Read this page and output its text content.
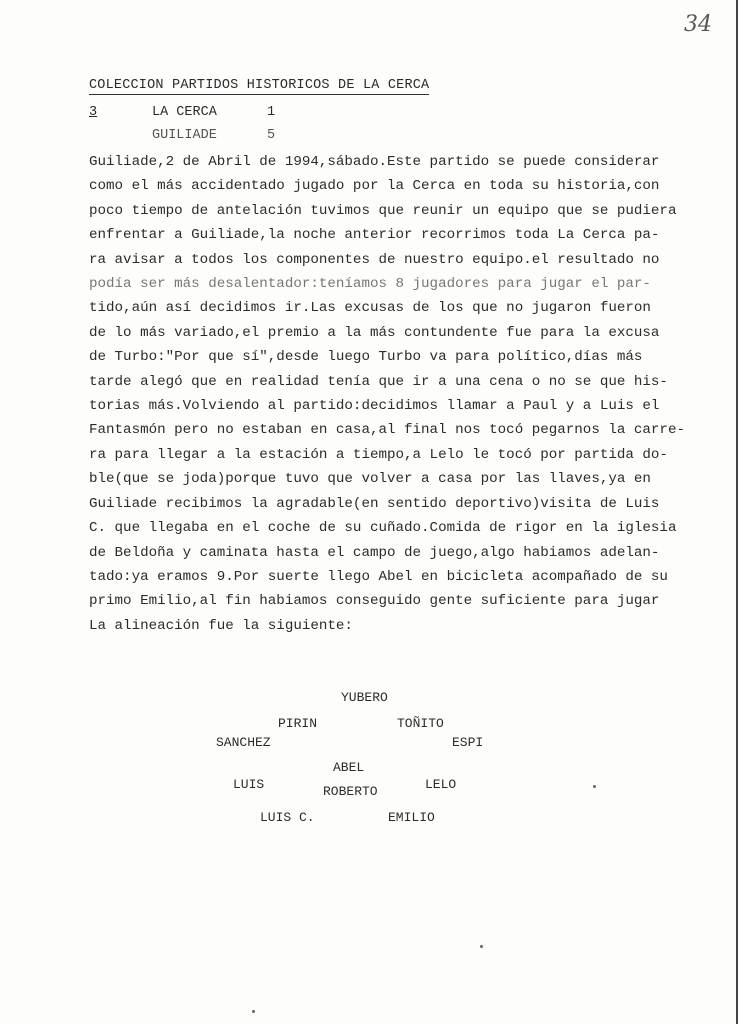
34
COLECCION PARTIDOS HISTORICOS DE LA CERCA
3	LA CERCA	1
GUILIADE	5
Guiliade,2 de Abril de 1994,sábado.Este partido se puede considerar
como el más accidentado jugado por la Cerca en toda su historia,con
poco tiempo de antelación tuvimos que reunir un equipo que se pudiera
enfrentar a Guiliade,la noche anterior recorrimos toda La Cerca pa-
ra avisar a todos los componentes de nuestro equipo.el resultado no
podía ser más desalentador:teníamos 8 jugadores para jugar el par-
tido,aún así decidimos ir.Las excusas de los que no jugaron fueron
de lo más variado,el premio a la más contundente fue para la excusa
de Turbo:"Por que sí",desde luego Turbo va para político,días más
tarde alegó que en realidad tenía que ir a una cena o no se que his-
torias más.Volviendo al partido:decidimos llamar a Paul y a Luis el
Fantasmón pero no estaban en casa,al final nos tocó pegarnos la carre-
ra para llegar a la estación a tiempo,a Lelo le tocó por partida do-
ble(que se joda)porque tuvo que volver a casa por las llaves,ya en
Guiliade recibimos la agradable(en sentido deportivo)visita de Luis
C. que llegaba en el coche de su cuñado.Comida de rigor en la iglesia
de Beldoña y caminata hasta el campo de juego,algo habiamos adelan-
tado:ya eramos 9.Por suerte llego Abel en bicicleta acompañado de su
primo Emilio,al fin habiamos conseguido gente suficiente para jugar
La alineación fue la siguiente:
YUBERO
PIRIN	TOÑITO
SANCHEZ	ESPI
ABEL
LUIS	ROBERTO	LELO
LUIS C.	EMILIO
